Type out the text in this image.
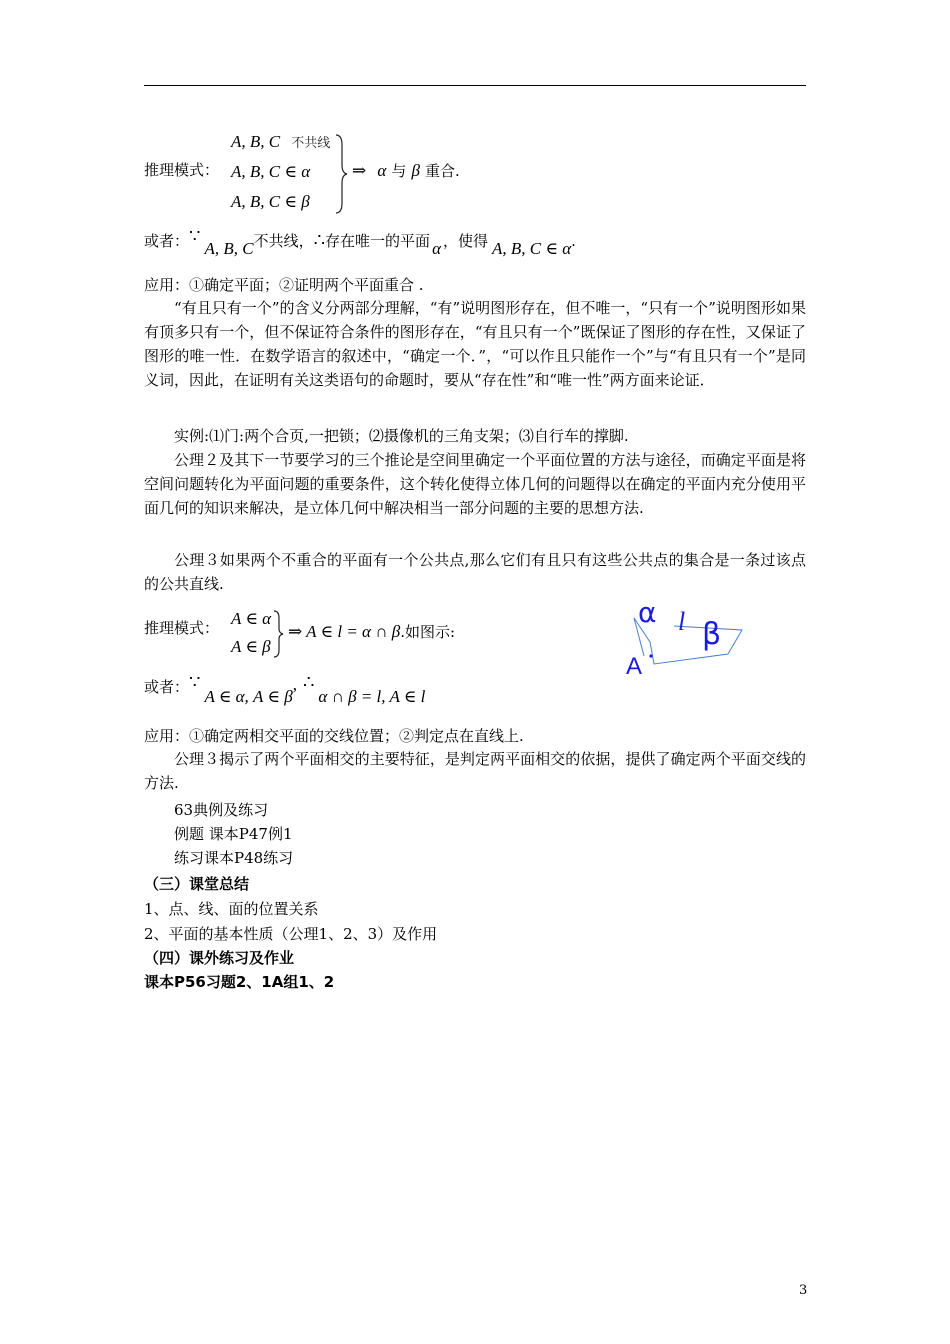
推理模式：
A, B, C 不共线
A, B, C ∈ α
A, B, C ∈ β
⇒ α 与 β 重合.
或者：∵A, B, C不共线，∴存在唯一的平面 α ，使得 A, B, C ∈ α.
应用：①确定平面；②证明两个平面重合 .
“有且只有一个”的含义分两部分理解，“有”说明图形存在，但不唯一，“只有一个”说明图形如果有顶多只有一个，但不保证符合条件的图形存在，“有且只有一个”既保证了图形的存在性，又保证了图形的唯一性．在数学语言的叙述中，“确定一个．”，“可以作且只能作一个”与“有且只有一个”是同义词，因此，在证明有关这类语句的命题时，要从“存在性”和“唯一性”两方面来论证．
实例:⑴门:两个合页,一把锁；⑵摄像机的三角支架；⑶自行车的撑脚.
公理２及其下一节要学习的三个推论是空间里确定一个平面位置的方法与途径，而确定平面是将空间问题转化为平面问题的重要条件，这个转化使得立体几何的问题得以在确定的平面内充分使用平面几何的知识来解决，是立体几何中解决相当一部分问题的主要的思想方法.
公理３如果两个不重合的平面有一个公共点,那么它们有且只有这些公共点的集合是一条过该点的公共直线.
推理模式： A ∈ α
A ∈ β
⇒ A ∈ l = α ∩ β.如图示:
α l β
A
或者：∵A ∈ α, A ∈ β, ∴α ∩ β = l, A ∈ l
应用：①确定两相交平面的交线位置；②判定点在直线上.
公理３揭示了两个平面相交的主要特征，是判定两平面相交的依据，提供了确定两个平面交线的方法.
63典例及练习
例题 课本P47例1
练习课本P48练习
（三）课堂总结
1、点、线、面的位置关系
2、平面的基本性质（公理1、2、3）及作用
（四）课外练习及作业
课本P56习题2、1A组1、2
3
